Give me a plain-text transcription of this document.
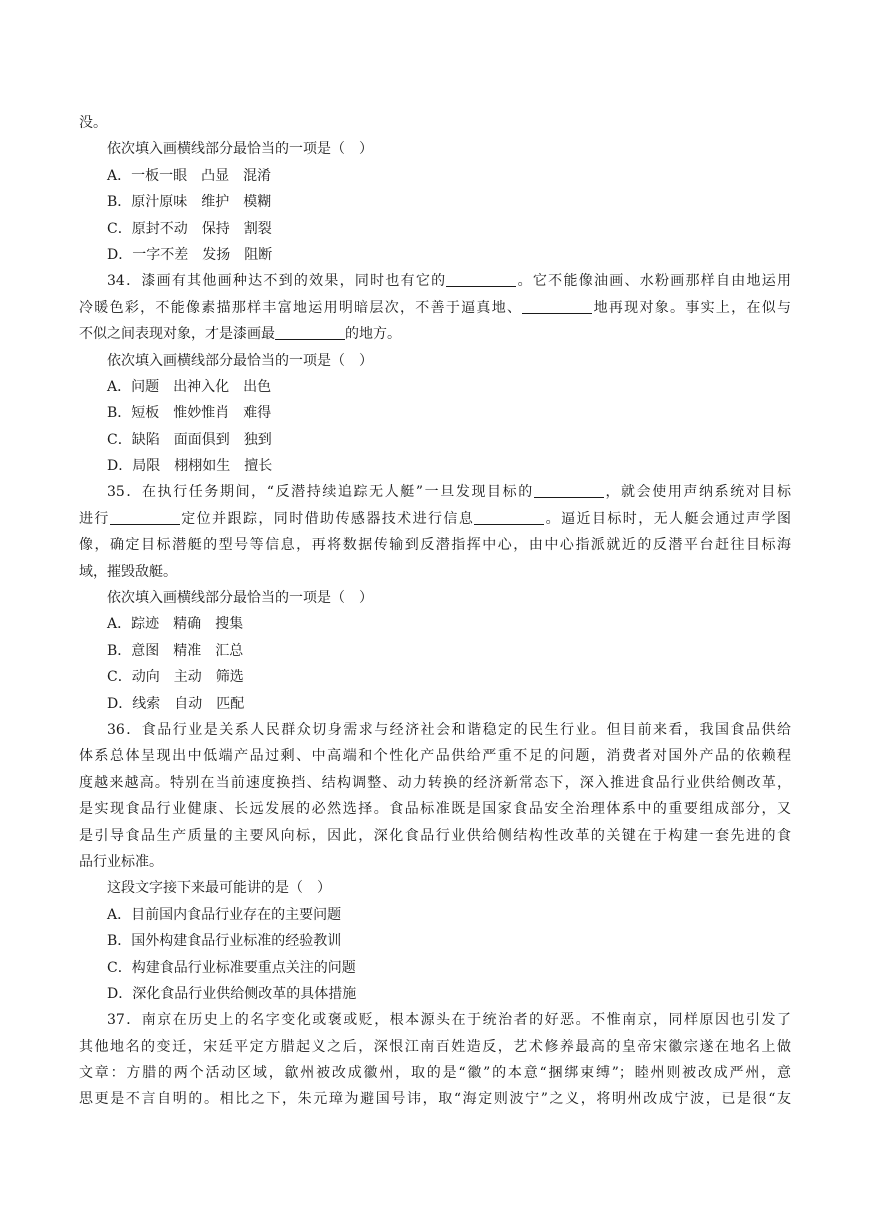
没。
依次填入画横线部分最恰当的一项是（　）
A．一板一眼　凸显　混淆
B．原汁原味　维护　模糊
C．原封不动　保持　割裂
D．一字不差　发扬　阻断
34．漆画有其他画种达不到的效果，同时也有它的	。它不能像油画、水粉画那样自由地运用
冷暖色彩，不能像素描那样丰富地运用明暗层次，不善于逼真地、	地再现对象。事实上，在似与
不似之间表现对象，才是漆画最	的地方。
依次填入画横线部分最恰当的一项是（　）
A．问题　出神入化　出色
B．短板　惟妙惟肖　难得
C．缺陷　面面俱到　独到
D．局限　栩栩如生　擅长
35．在执行任务期间，“反潜持续追踪无人艇”一旦发现目标的	，就会使用声纳系统对目标
进行	定位并跟踪，同时借助传感器技术进行信息	。逼近目标时，无人艇会通过声学图
像，确定目标潜艇的型号等信息，再将数据传输到反潜指挥中心，由中心指派就近的反潜平台赶往目标海
域，摧毁敌艇。
依次填入画横线部分最恰当的一项是（　）
A．踪迹　精确　搜集
B．意图　精准　汇总
C．动向　主动　筛选
D．线索　自动　匹配
36．食品行业是关系人民群众切身需求与经济社会和谐稳定的民生行业。但目前来看，我国食品供给
体系总体呈现出中低端产品过剩、中高端和个性化产品供给严重不足的问题，消费者对国外产品的依赖程
度越来越高。特别在当前速度换挡、结构调整、动力转换的经济新常态下，深入推进食品行业供给侧改革，
是实现食品行业健康、长远发展的必然选择。食品标准既是国家食品安全治理体系中的重要组成部分，又
是引导食品生产质量的主要风向标，因此，深化食品行业供给侧结构性改革的关键在于构建一套先进的食
品行业标准。
这段文字接下来最可能讲的是（　）
A．目前国内食品行业存在的主要问题
B．国外构建食品行业标准的经验教训
C．构建食品行业标准要重点关注的问题
D．深化食品行业供给侧改革的具体措施
37．南京在历史上的名字变化或褒或贬，根本源头在于统治者的好恶。不惟南京，同样原因也引发了
其他地名的变迁，宋廷平定方腊起义之后，深恨江南百姓造反，艺术修养最高的皇帝宋徽宗遂在地名上做
文章：方腊的两个活动区域，歙州被改成徽州，取的是“徽”的本意“捆绑束缚”；睦州则被改成严州，意
思更是不言自明的。相比之下，朱元璋为避国号讳，取“海定则波宁”之义，将明州改成宁波，已是很“友
